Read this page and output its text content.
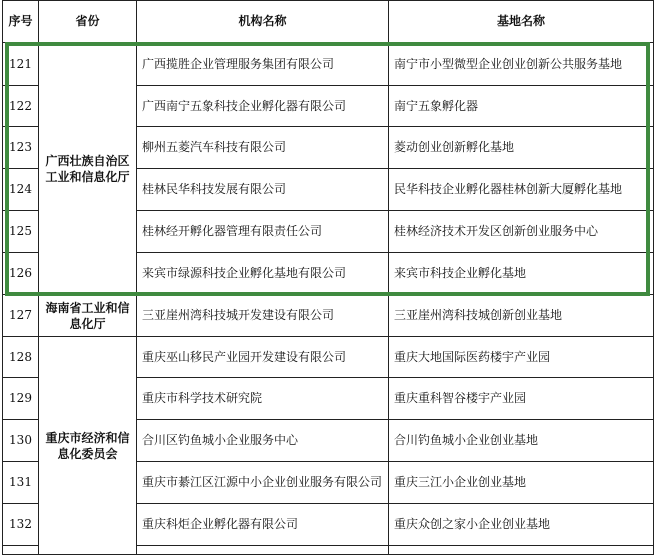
序号	省份	机构名称	基地名称
121	广西壮族自治区工业和信息化厅	广西揽胜企业管理服务集团有限公司	南宁市小型微型企业创业创新公共服务基地
122		广西南宁五象科技企业孵化器有限公司	南宁五象孵化器
123		柳州五菱汽车科技有限公司	菱动创业创新孵化基地
124		桂林民华科技发展有限公司	民华科技企业孵化器桂林创新大厦孵化基地
125		桂林经开孵化器管理有限责任公司	桂林经济技术开发区创新创业服务中心
126		来宾市绿源科技企业孵化基地有限公司	来宾市科技企业孵化基地
127	海南省工业和信息化厅	三亚崖州湾科技城开发建设有限公司	三亚崖州湾科技城创新创业基地
128	重庆市经济和信息化委员会	重庆巫山移民产业园开发建设有限公司	重庆大地国际医药楼宇产业园
129		重庆市科学技术研究院	重庆重科智谷楼宇产业园
130		合川区钓鱼城小企业服务中心	合川钓鱼城小企业创业基地
131		重庆市綦江区江源中小企业创业服务有限公司	重庆三江小企业创业基地
132		重庆科炬企业孵化器有限公司	重庆众创之家小企业创业基地
